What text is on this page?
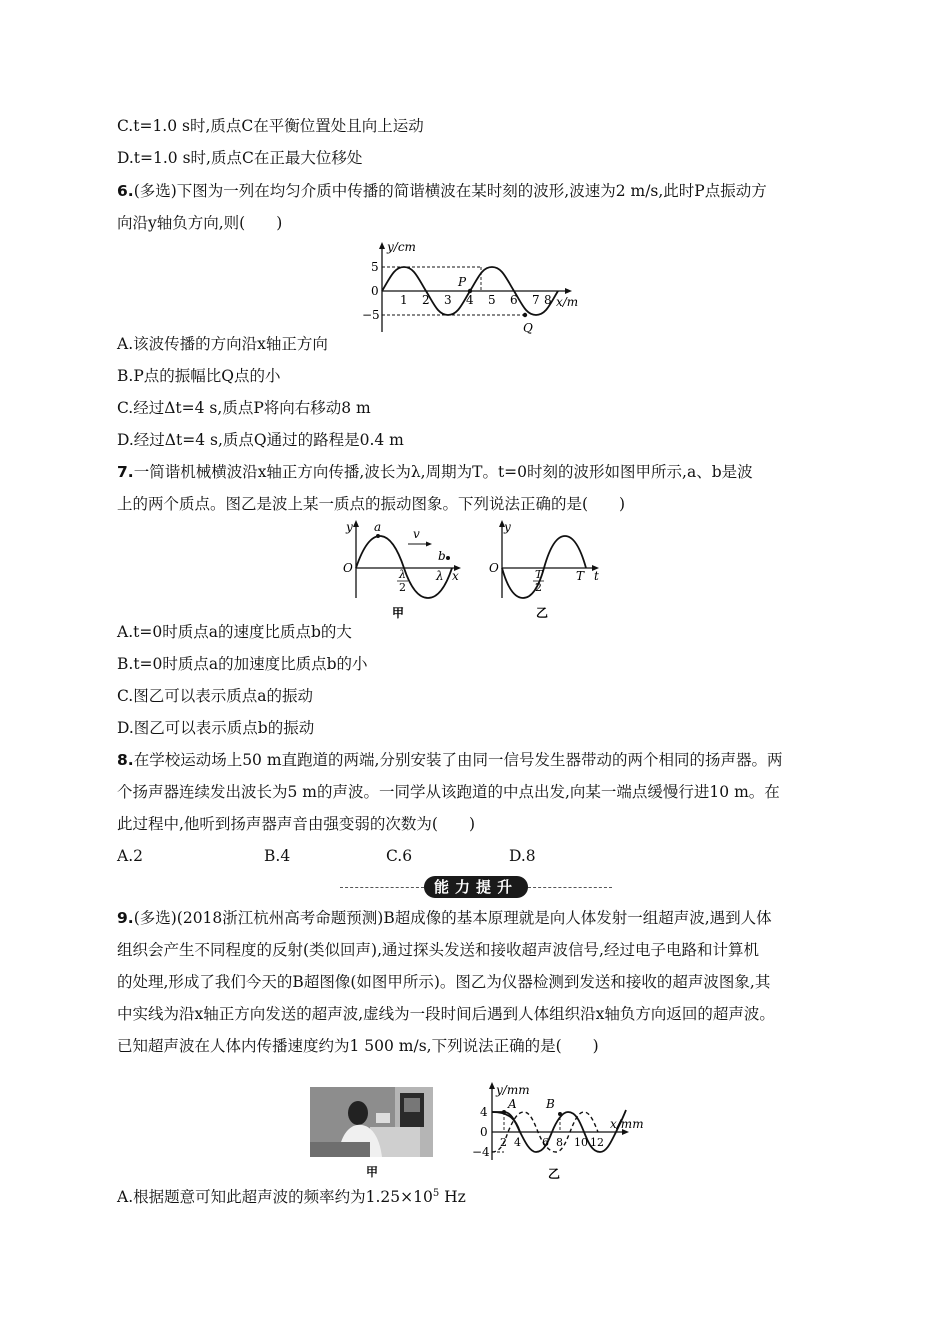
C.t=1.0 s时,质点C在平衡位置处且向上运动
D.t=1.0 s时,质点C在正最大位移处
6.(多选)下图为一列在均匀介质中传播的简谐横波在某时刻的波形,波速为2 m/s,此时P点振动方
向沿y轴负方向,则(　　)
y/cm
x/m
5
0
−5
1 2 3 4 5 6 7 8
P
Q
A.该波传播的方向沿x轴正方向
B.P点的振幅比Q点的小
C.经过Δt=4 s,质点P将向右移动8 m
D.经过Δt=4 s,质点Q通过的路程是0.4 m
7.一简谐机械横波沿x轴正方向传播,波长为λ,周期为T。t=0时刻的波形如图甲所示,a、b是波
上的两个质点。图乙是波上某一质点的振动图象。下列说法正确的是(　　)
v
y
x
O
a
b
λ
2
λ
甲
y
t
O	T
2
T
乙
A.t=0时质点a的速度比质点b的大
B.t=0时质点a的加速度比质点b的小
C.图乙可以表示质点a的振动
D.图乙可以表示质点b的振动
8.在学校运动场上50 m直跑道的两端,分别安装了由同一信号发生器带动的两个相同的扬声器。两
个扬声器连续发出波长为5 m的声波。一同学从该跑道的中点出发,向某一端点缓慢行进10 m。在
此过程中,他听到扬声器声音由强变弱的次数为(　　)
A.2	B.4	C.6	D.8
能力提升
9.(多选)(2018浙江杭州高考命题预测)B超成像的基本原理就是向人体发射一组超声波,遇到人体
组织会产生不同程度的反射(类似回声),通过探头发送和接收超声波信号,经过电子电路和计算机
的处理,形成了我们今天的B超图像(如图甲所示)。图乙为仪器检测到发送和接收的超声波图象,其
中实线为沿x轴正方向发送的超声波,虚线为一段时间后遇到人体组织沿x轴负方向返回的超声波。
已知超声波在人体内传播速度约为1 500 m/s,下列说法正确的是(　　)
甲
y/mm
x/mm
4
0
−4
2 4 6 8 10 12
A B
乙
A.根据题意可知此超声波的频率约为$1.25\times 10^5$ Hz
